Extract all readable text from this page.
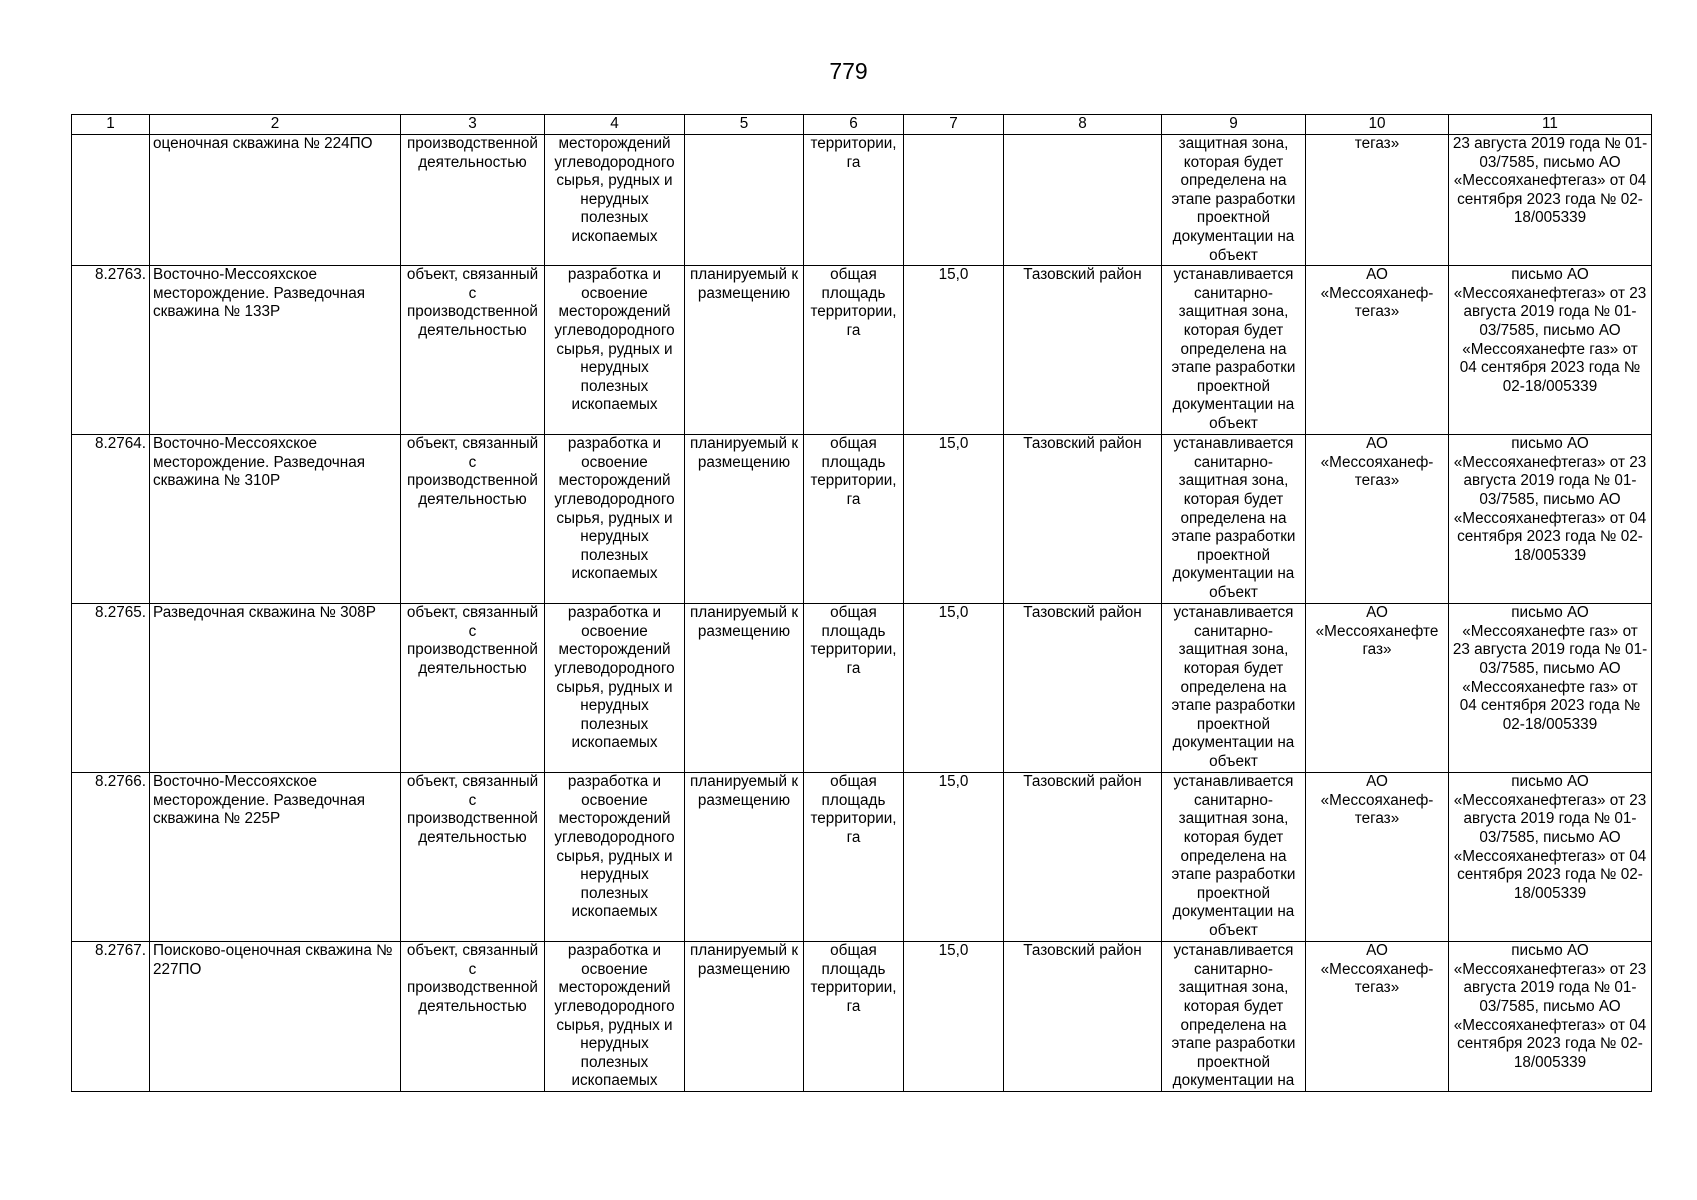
779
1	2	3	4	5	6	7	8	9	10	11
	оценочная скважина № 224ПО	производственной деятельностью	месторождений углеводородного сырья, рудных и нерудных полезных ископаемых		территории, га			защитная зона, которая будет определена на этапе разработки проектной документации на объект	тегаз»	23 августа 2019 года № 01-03/7585, письмо АО «Мессояханефтегаз» от 04 сентября 2023 года № 02-18/005339
8.2763.	Восточно-Мессояхское месторождение. Разведочная скважина № 133Р	объект, связанный с производственной деятельностью	разработка и освоение месторождений углеводородного сырья, рудных и нерудных полезных ископаемых	планируемый к размещению	общая площадь территории, га	15,0	Тазовский район	устанавливается санитарно-защитная зона, которая будет определена на этапе разработки проектной документации на объект	АО «Мессояханеф-тегаз»	письмо АО «Мессояханефтегаз» от 23 августа 2019 года № 01-03/7585, письмо АО «Мессояханефте газ» от 04 сентября 2023 года № 02-18/005339
8.2764.	Восточно-Мессояхское месторождение. Разведочная скважина № 310Р	объект, связанный с производственной деятельностью	разработка и освоение месторождений углеводородного сырья, рудных и нерудных полезных ископаемых	планируемый к размещению	общая площадь территории, га	15,0	Тазовский район	устанавливается санитарно-защитная зона, которая будет определена на этапе разработки проектной документации на объект	АО «Мессояханеф-тегаз»	письмо АО «Мессояханефтегаз» от 23 августа 2019 года № 01-03/7585, письмо АО «Мессояханефтегаз» от 04 сентября 2023 года № 02-18/005339
8.2765.	Разведочная скважина № 308Р	объект, связанный с производственной деятельностью	разработка и освоение месторождений углеводородного сырья, рудных и нерудных полезных ископаемых	планируемый к размещению	общая площадь территории, га	15,0	Тазовский район	устанавливается санитарно-защитная зона, которая будет определена на этапе разработки проектной документации на объект	АО «Мессояханефте газ»	письмо АО «Мессояханефте газ» от 23 августа 2019 года № 01-03/7585, письмо АО «Мессояханефте газ» от 04 сентября 2023 года № 02-18/005339
8.2766.	Восточно-Мессояхское месторождение. Разведочная скважина № 225Р	объект, связанный с производственной деятельностью	разработка и освоение месторождений углеводородного сырья, рудных и нерудных полезных ископаемых	планируемый к размещению	общая площадь территории, га	15,0	Тазовский район	устанавливается санитарно-защитная зона, которая будет определена на этапе разработки проектной документации на объект	АО «Мессояханеф-тегаз»	письмо АО «Мессояханефтегаз» от 23 августа 2019 года № 01-03/7585, письмо АО «Мессояханефтегаз» от 04 сентября 2023 года № 02-18/005339
8.2767.	Поисково-оценочная скважина № 227ПО	объект, связанный с производственной деятельностью	разработка и освоение месторождений углеводородного сырья, рудных и нерудных полезных ископаемых	планируемый к размещению	общая площадь территории, га	15,0	Тазовский район	устанавливается санитарно-защитная зона, которая будет определена на этапе разработки проектной документации на	АО «Мессояханеф-тегаз»	письмо АО «Мессояханефтегаз» от 23 августа 2019 года № 01-03/7585, письмо АО «Мессояханефтегаз» от 04 сентября 2023 года № 02-18/005339
